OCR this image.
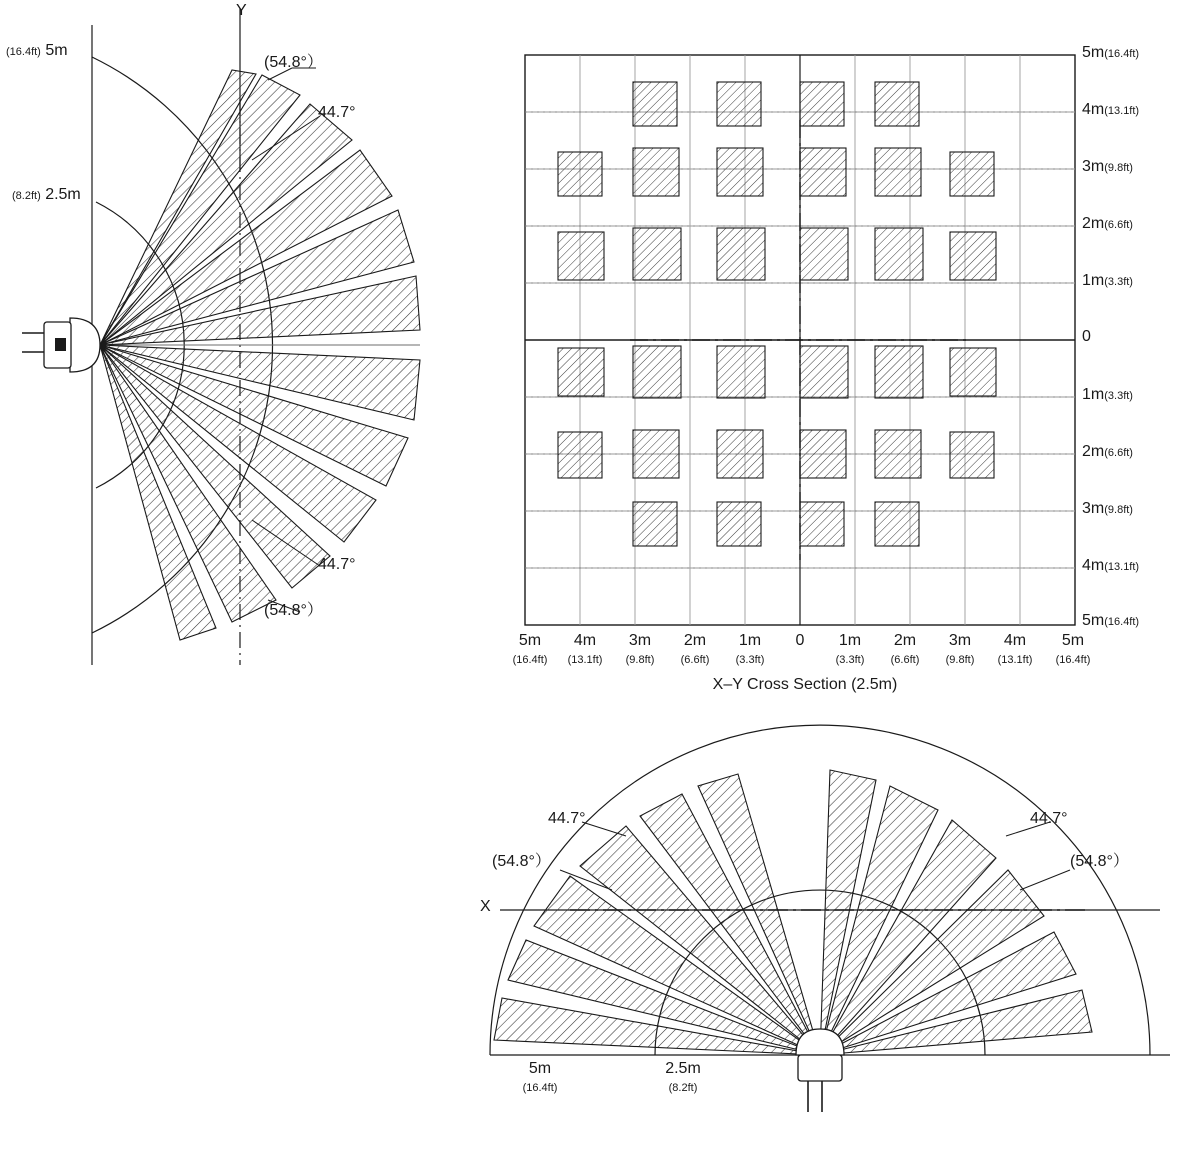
Y
(16.4ft) 5m
(8.2ft) 2.5m
(54.8°）
44.7°
44.7°
(54.8°）
5m(16.4ft)
4m(13.1ft)
3m(9.8ft)
2m(6.6ft)
1m(3.3ft)
0
1m(3.3ft)
2m(6.6ft)
3m(9.8ft)
4m(13.1ft)
5m(16.4ft)
5m
(16.4ft)
4m
(13.1ft)
3m
(9.8ft)
2m
(6.6ft)
1m
(3.3ft)
0	1m
(3.3ft)
2m
(6.6ft)
3m
(9.8ft)
4m
(13.1ft)
5m
(16.4ft)
X–Y Cross Section (2.5m)
X
44.7°
(54.8°）
44.7°
(54.8°）
5m
(16.4ft)
2.5m
(8.2ft)
